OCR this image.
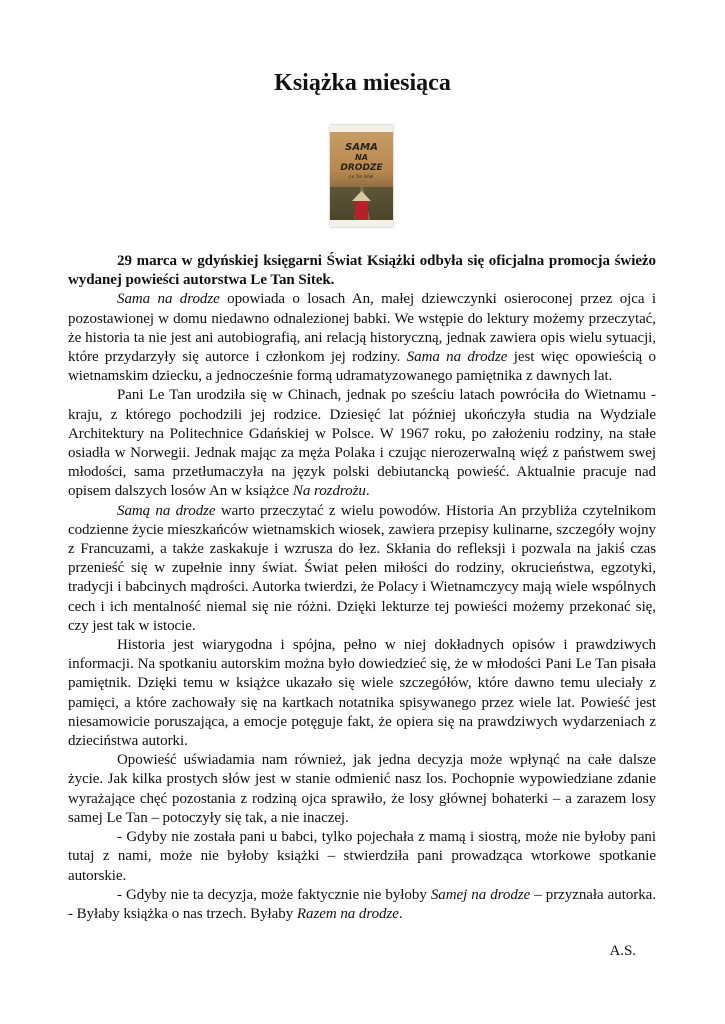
Książka miesiąca
SAMA
NA
DRODZE
Le Tan Sitek

29 marca w gdyńskiej księgarni Świat Książki odbyła się oficjalna promocja świeżo wydanej powieści autorstwa Le Tan Sitek.

Sama na drodze opowiada o losach An, małej dziewczynki osieroconej przez ojca i pozostawionej w domu niedawno odnalezionej babki. We wstępie do lektury możemy przeczytać, że historia ta nie jest ani autobiografią, ani relacją historyczną, jednak zawiera opis wielu sytuacji, które przydarzyły się autorce i członkom jej rodziny. Sama na drodze jest więc opowieścią o wietnamskim dziecku, a jednocześnie formą udramatyzowanego pamiętnika z dawnych lat.

Pani Le Tan urodziła się w Chinach, jednak po sześciu latach powróciła do Wietnamu - kraju, z którego pochodzili jej rodzice. Dziesięć lat później ukończyła studia na Wydziale Architektury na Politechnice Gdańskiej w Polsce. W 1967 roku, po założeniu rodziny, na stałe osiadła w Norwegii. Jednak mając za męża Polaka i czując nierozerwalną więź z państwem swej młodości, sama przetłumaczyła na język polski debiutancką powieść. Aktualnie pracuje nad opisem dalszych losów An w książce Na rozdrożu.

Samą na drodze warto przeczytać z wielu powodów. Historia An przybliża czytelnikom codzienne życie mieszkańców wietnamskich wiosek, zawiera przepisy kulinarne, szczegóły wojny z Francuzami, a także zaskakuje i wzrusza do łez. Skłania do refleksji i pozwala na jakiś czas przenieść się w zupełnie inny świat. Świat pełen miłości do rodziny, okrucieństwa, egzotyki, tradycji i babcinych mądrości. Autorka twierdzi, że Polacy i Wietnamczycy mają wiele wspólnych cech i ich mentalność niemal się nie różni. Dzięki lekturze tej powieści możemy przekonać się, czy jest tak w istocie.

Historia jest wiarygodna i spójna, pełno w niej dokładnych opisów i prawdziwych informacji. Na spotkaniu autorskim można było dowiedzieć się, że w młodości Pani Le Tan pisała pamiętnik. Dzięki temu w książce ukazało się wiele szczegółów, które dawno temu uleciały z pamięci, a które zachowały się na kartkach notatnika spisywanego przez wiele lat. Powieść jest niesamowicie poruszająca, a emocje potęguje fakt, że opiera się na prawdziwych wydarzeniach z dzieciństwa autorki.

Opowieść uświadamia nam również, jak jedna decyzja może wpłynąć na całe dalsze życie. Jak kilka prostych słów jest w stanie odmienić nasz los. Pochopnie wypowiedziane zdanie wyrażające chęć pozostania z rodziną ojca sprawiło, że losy głównej bohaterki – a zarazem losy samej Le Tan – potoczyły się tak, a nie inaczej.

- Gdyby nie została pani u babci, tylko pojechała z mamą i siostrą, może nie byłoby pani tutaj z nami, może nie byłoby książki – stwierdziła pani prowadząca wtorkowe spotkanie autorskie.

- Gdyby nie ta decyzja, może faktycznie nie byłoby Samej na drodze – przyznała autorka. - Byłaby książka o nas trzech. Byłaby Razem na drodze.

A.S.
